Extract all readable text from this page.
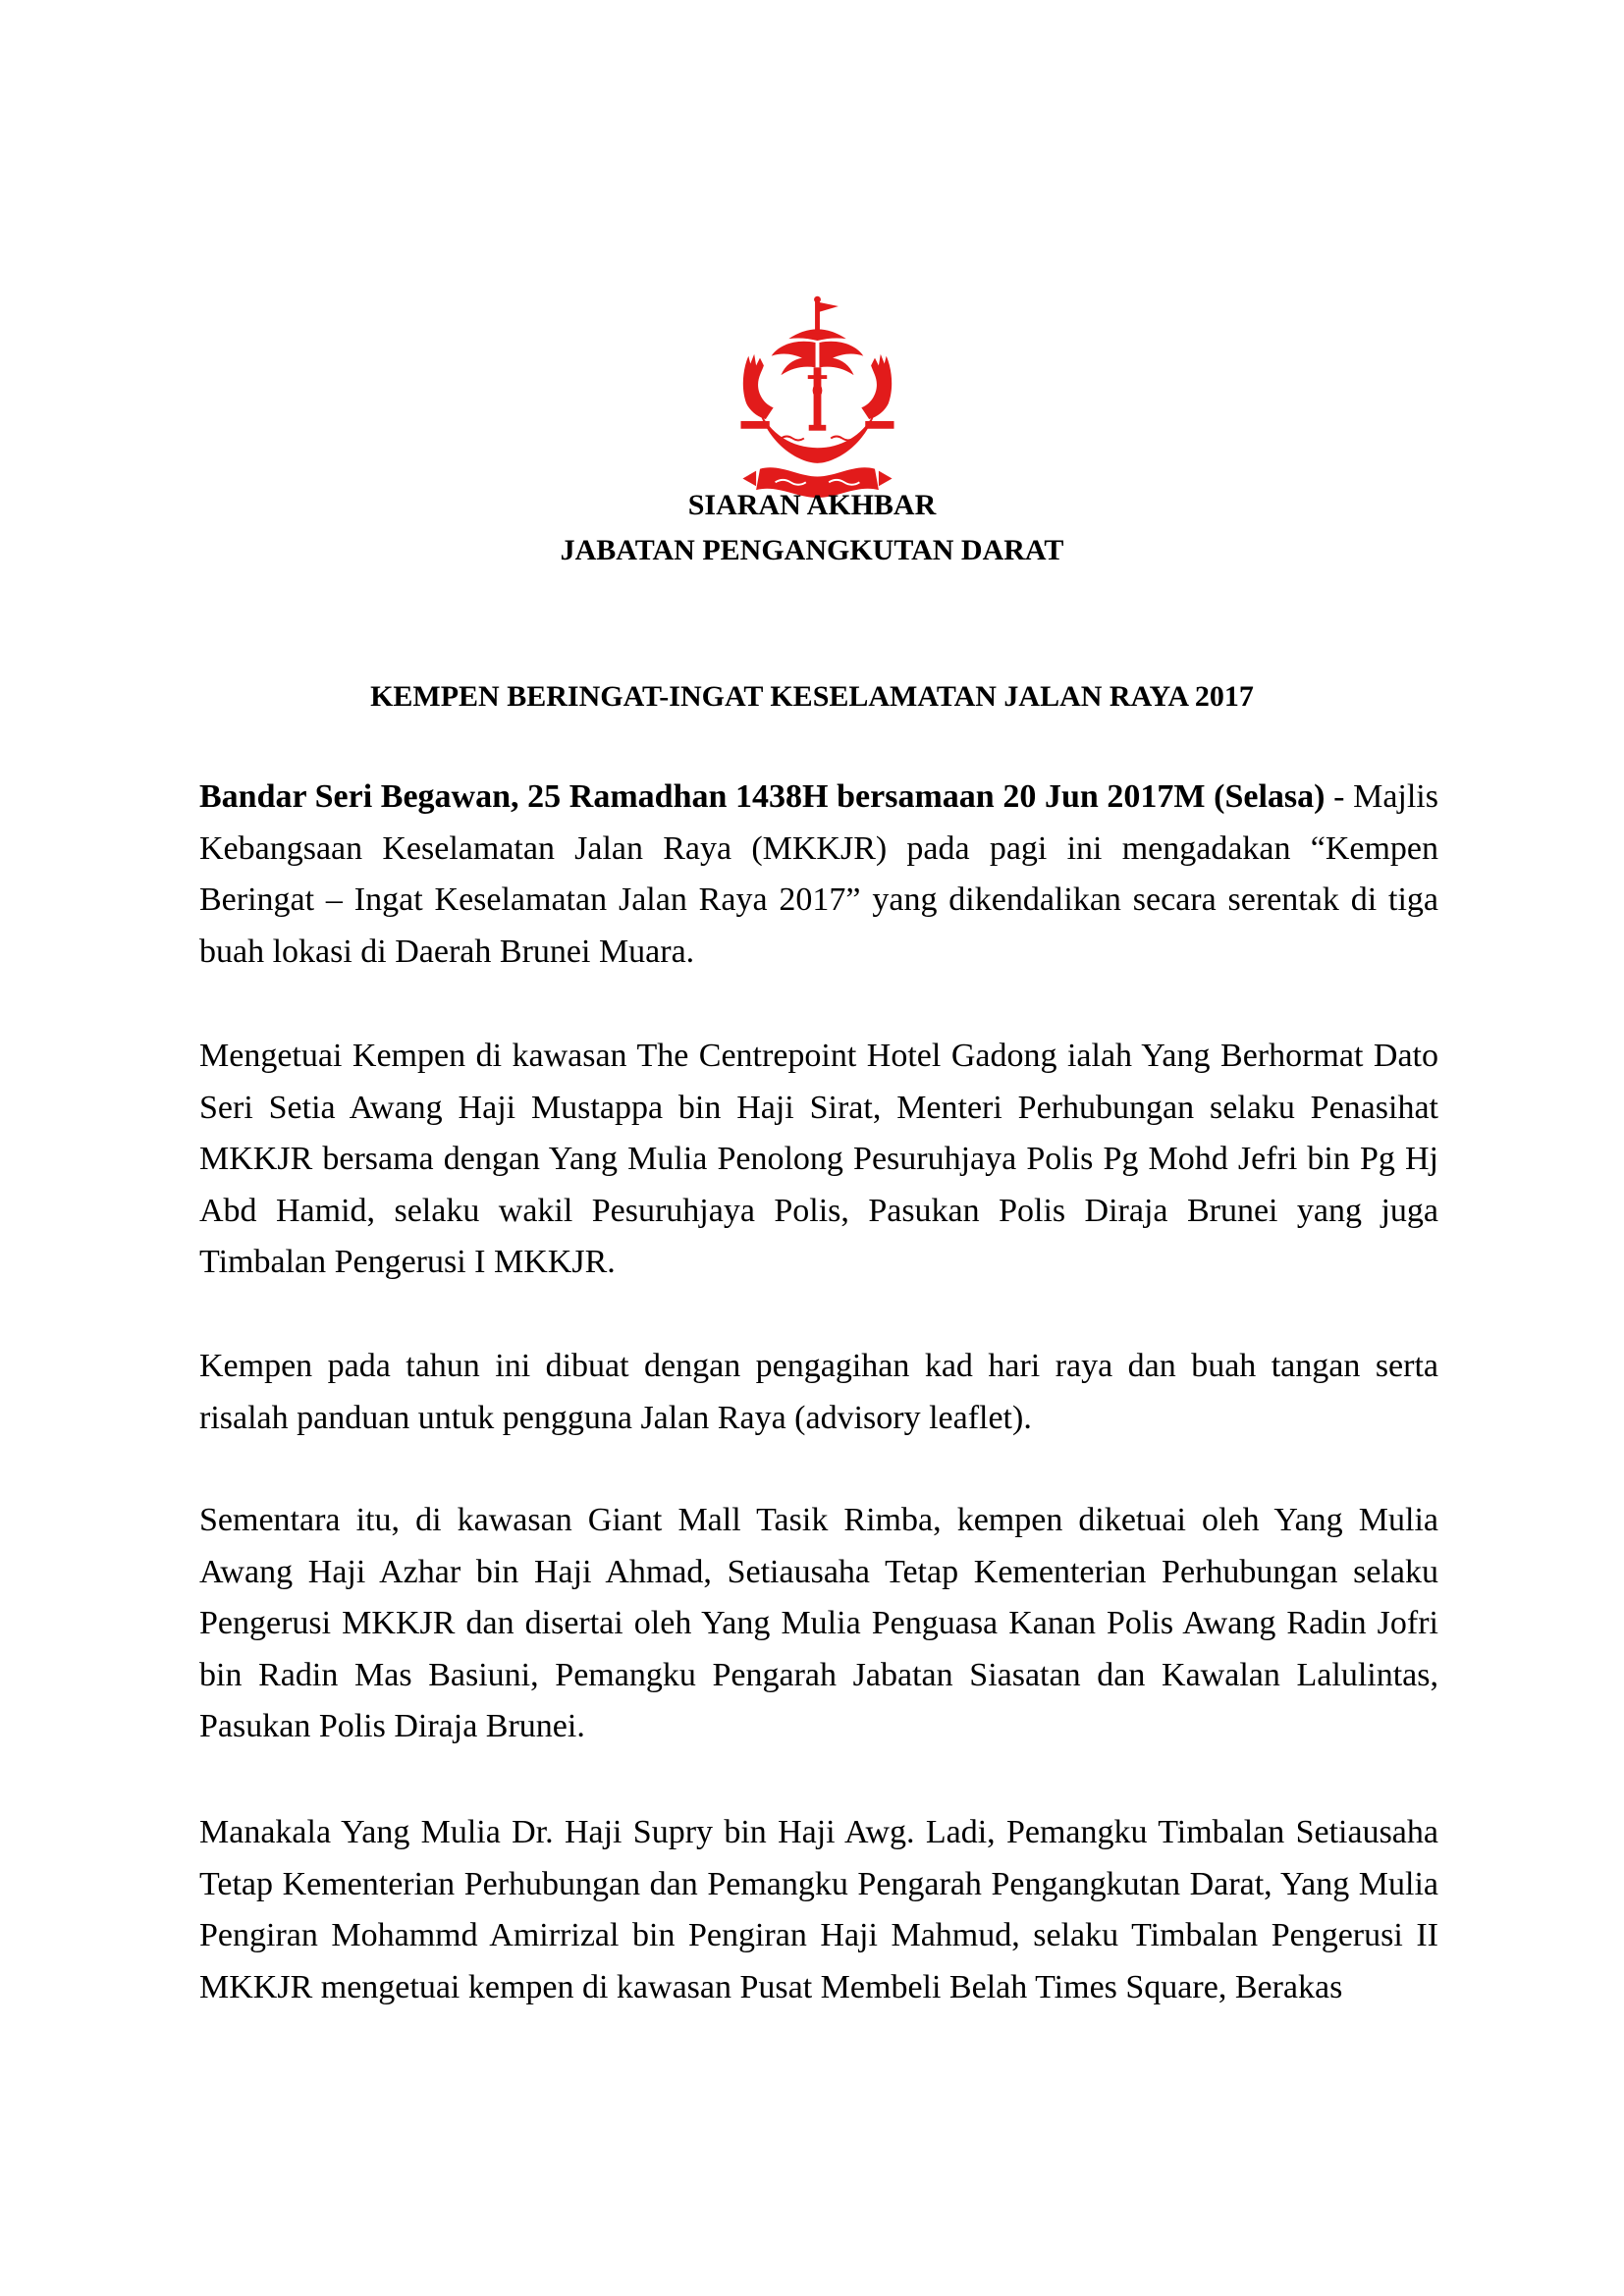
SIARAN AKHBAR
JABATAN PENGANGKUTAN DARAT
KEMPEN BERINGAT-INGAT KESELAMATAN JALAN RAYA 2017

Bandar Seri Begawan, 25 Ramadhan 1438H bersamaan 20 Jun 2017M (Selasa) - Majlis Kebangsaan Keselamatan Jalan Raya (MKKJR) pada pagi ini mengadakan “Kempen Beringat – Ingat Keselamatan Jalan Raya 2017” yang dikendalikan secara serentak di tiga buah lokasi di Daerah Brunei Muara.

Mengetuai Kempen di kawasan The Centrepoint Hotel Gadong ialah Yang Berhormat Dato Seri Setia Awang Haji Mustappa bin Haji Sirat, Menteri Perhubungan selaku Penasihat MKKJR bersama dengan Yang Mulia Penolong Pesuruhjaya Polis Pg Mohd Jefri bin Pg Hj Abd Hamid, selaku wakil Pesuruhjaya Polis, Pasukan Polis Diraja Brunei yang juga Timbalan Pengerusi I MKKJR.

Kempen pada tahun ini dibuat dengan pengagihan kad hari raya dan buah tangan serta risalah panduan untuk pengguna Jalan Raya (advisory leaflet).

Sementara itu, di kawasan Giant Mall Tasik Rimba, kempen diketuai oleh Yang Mulia Awang Haji Azhar bin Haji Ahmad, Setiausaha Tetap Kementerian Perhubungan selaku Pengerusi MKKJR dan disertai oleh Yang Mulia Penguasa Kanan Polis Awang Radin Jofri bin Radin Mas Basiuni, Pemangku Pengarah Jabatan Siasatan dan Kawalan Lalulintas, Pasukan Polis Diraja Brunei.

Manakala Yang Mulia Dr. Haji Supry bin Haji Awg. Ladi, Pemangku Timbalan Setiausaha Tetap Kementerian Perhubungan dan Pemangku Pengarah Pengangkutan Darat, Yang Mulia Pengiran Mohammd Amirrizal bin Pengiran Haji Mahmud, selaku Timbalan Pengerusi II MKKJR mengetuai kempen di kawasan Pusat Membeli Belah Times Square, Berakas
